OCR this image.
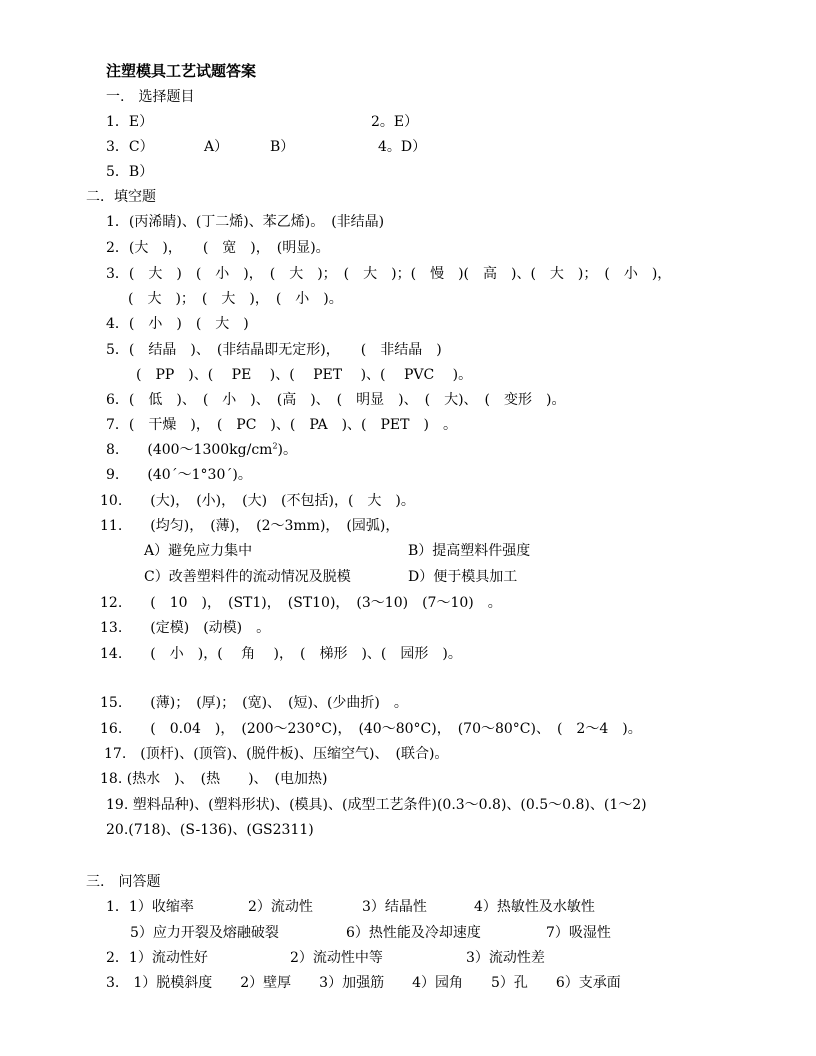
注塑模具工艺试题答案
一.　选择题目
1．E）	2。E）
3．C）	A）	B）	4。D）
5．B）
二．填空题
1．(丙浠睛)、(丁二烯)、苯乙烯)。　(非结晶)
2．(大　)，　　(　宽　)，　(明显)。
3．(　大　)　(　小　)，　(　大　)；　(　大　)；(　慢　)(　高　)、(　大　)；　(　小　)，
(　大　)；　(　大　)，　(　小　)。
4．(　小　)　(　大　)
5．(　结晶　)、　(非结晶即无定形)，　　(　非结晶　)
(　PP　)、(　 PE　 )、(　 PET　 )、(　 PVC　 )。
6．(　低　)、　(　小　)、　(高　)、　(　明显　)、　(　大)、　(　变形　)。
7．(　干燥　)，　(　PC　)、(　PA　)、(　PET　)　。
8.　　 $(400\sim 1300kg/cm^2)$。
9.　　(40´～1°30´)。
10.　　(大)，　(小)，　(大)　(不包括)，(　大　)。
11.　　(均匀)，　(薄)，　(2～3mm)，　(园弧)，
A）避免应力集中	B）提高塑料件强度
C）改善塑料件的流动情况及脱模	D）便于模具加工
12.　　(　10　)，　(ST1)，　(ST10)，　(3～10)　(7～10)　。
13.　　(定模)　(动模)　。
14.　　(　小　)，(　 角　 )，　(　梯形　)、(　园形　)。
15.　　(薄)；　(厚)；　(宽)、　(短)、(少曲折)　。
16.　　(　0.04　)，　(200～230°C)，　(40～80°C)，　(70～80°C)、　(　2～4　)。
17.　(顶杆)、(顶管)、(脱件板)、压缩空气)、　(联合)。
18. (热水　)、　(热　　)、　(电加热)
19. 塑料品种)、(塑料形状)、(模具)、(成型工艺条件)(0.3～0.8)、(0.5～0.8)、(1～2)
20.(718)、(S-136)、(GS2311)
三.　问答题
1．1）收缩率	2）流动性	3）结晶性	4）热敏性及水敏性
5）应力开裂及熔融破裂	6）热性能及冷却速度	7）吸湿性
2．1）流动性好	2）流动性中等	3）流动性差
3.　1）脱模斜度　　2）壁厚　　3）加强筋　　4）园角　　5）孔　　6）支承面
